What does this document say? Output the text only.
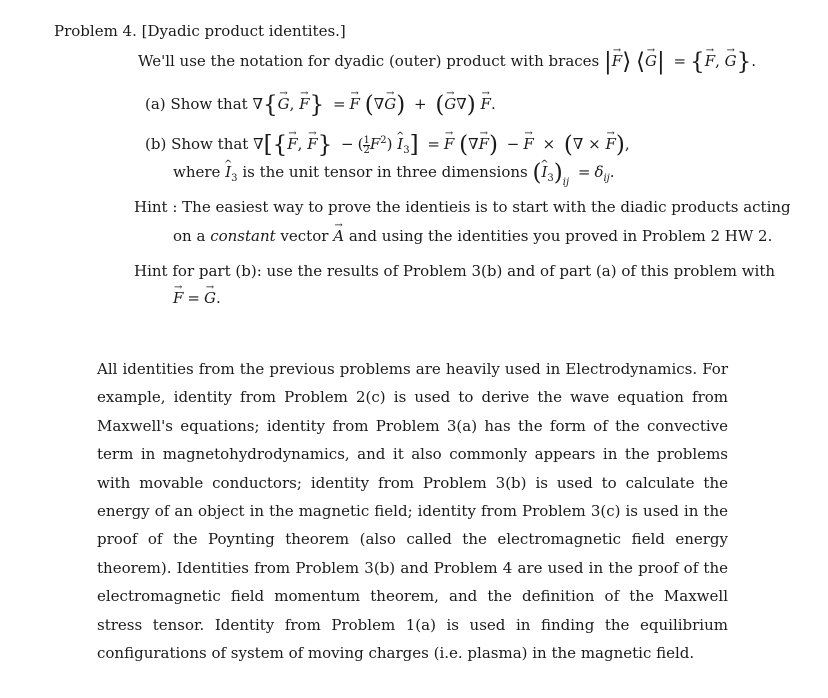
Problem 4. [Dyadic product identites.]
We'll use the notation for dyadic (outer) product with braces |F →⟩ ⟨G →| = {F →, G →}.
(a) Show that ∇{G →, F →} = F → (∇G →) + (G →∇) F →.
(b) Show that ∇[{F →, F →} − ( $\frac{1}{2} F^2$) I $\^{}_3] = F \to (\nabla F$ →) − F → × (∇ × F →),
where I $\^{}_3$ is the unit tensor in three dimensions (I $\^{}_3)_{ij} = \delta_{ij}$.
Hint : The easiest way to prove the identieis is to start with the diadic products acting
on a constant vector A → and using the identities you proved in Problem 2 HW 2.
Hint for part (b): use the results of Problem 3(b) and of part (a) of this problem with
F → = G →.
All identities from the previous problems are heavily used in Electrodynamics. For example, identity from Problem 2(c) is used to derive the wave equation from Maxwell's equations; identity from Problem 3(a) has the form of the convective term in magnetohydrodynamics, and it also commonly appears in the problems with movable conductors; identity from Problem 3(b) is used to calculate the energy of an object in the magnetic field; identity from Problem 3(c) is used in the proof of the Poynting theorem (also called the electromagnetic field energy theorem). Identities from Problem 3(b) and Problem 4 are used in the proof of the electromagnetic field momentum theorem, and the definition of the Maxwell stress tensor. Identity from Problem 1(a) is used in finding the equilibrium configurations of system of moving charges (i.e. plasma) in the magnetic field.
